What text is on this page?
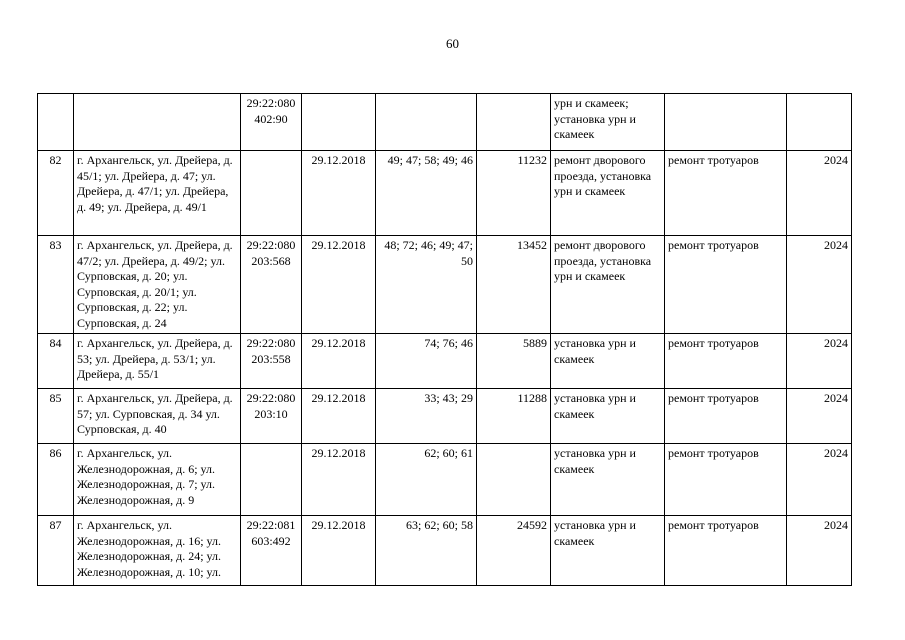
60
		29:22:080 402:90				урн и скамеек; установка урн и скамеек		
82	г. Архангельск, ул. Дрейера, д. 45/1; ул. Дрейера, д. 47; ул. Дрейера, д. 47/1; ул. Дрейера, д. 49; ул. Дрейера, д. 49/1		29.12.2018	49; 47; 58; 49; 46	11232	ремонт дворового проезда, установка урн и скамеек	ремонт тротуаров	2024
83	г. Архангельск, ул. Дрейера, д. 47/2; ул. Дрейера, д. 49/2; ул. Сурповская, д. 20; ул. Сурповская, д. 20/1; ул. Сурповская, д. 22; ул. Сурповская, д. 24	29:22:080 203:568	29.12.2018	48; 72; 46; 49; 47; 50	13452	ремонт дворового проезда, установка урн и скамеек	ремонт тротуаров	2024
84	г. Архангельск, ул. Дрейера, д. 53; ул. Дрейера, д. 53/1; ул. Дрейера, д. 55/1	29:22:080 203:558	29.12.2018	74; 76; 46	5889	установка урн и скамеек	ремонт тротуаров	2024
85	г. Архангельск, ул. Дрейера, д. 57; ул. Сурповская, д. 34 ул. Сурповская, д. 40	29:22:080 203:10	29.12.2018	33; 43; 29	11288	установка урн и скамеек	ремонт тротуаров	2024
86	г. Архангельск, ул. Железнодорожная, д. 6; ул. Железнодорожная, д. 7; ул. Железнодорожная, д. 9		29.12.2018	62; 60; 61		установка урн и скамеек	ремонт тротуаров	2024
87	г. Архангельск, ул. Железнодорожная, д. 16; ул. Железнодорожная, д. 24; ул. Железнодорожная, д. 10; ул.	29:22:081 603:492	29.12.2018	63; 62; 60; 58	24592	установка урн и скамеек	ремонт тротуаров	2024
